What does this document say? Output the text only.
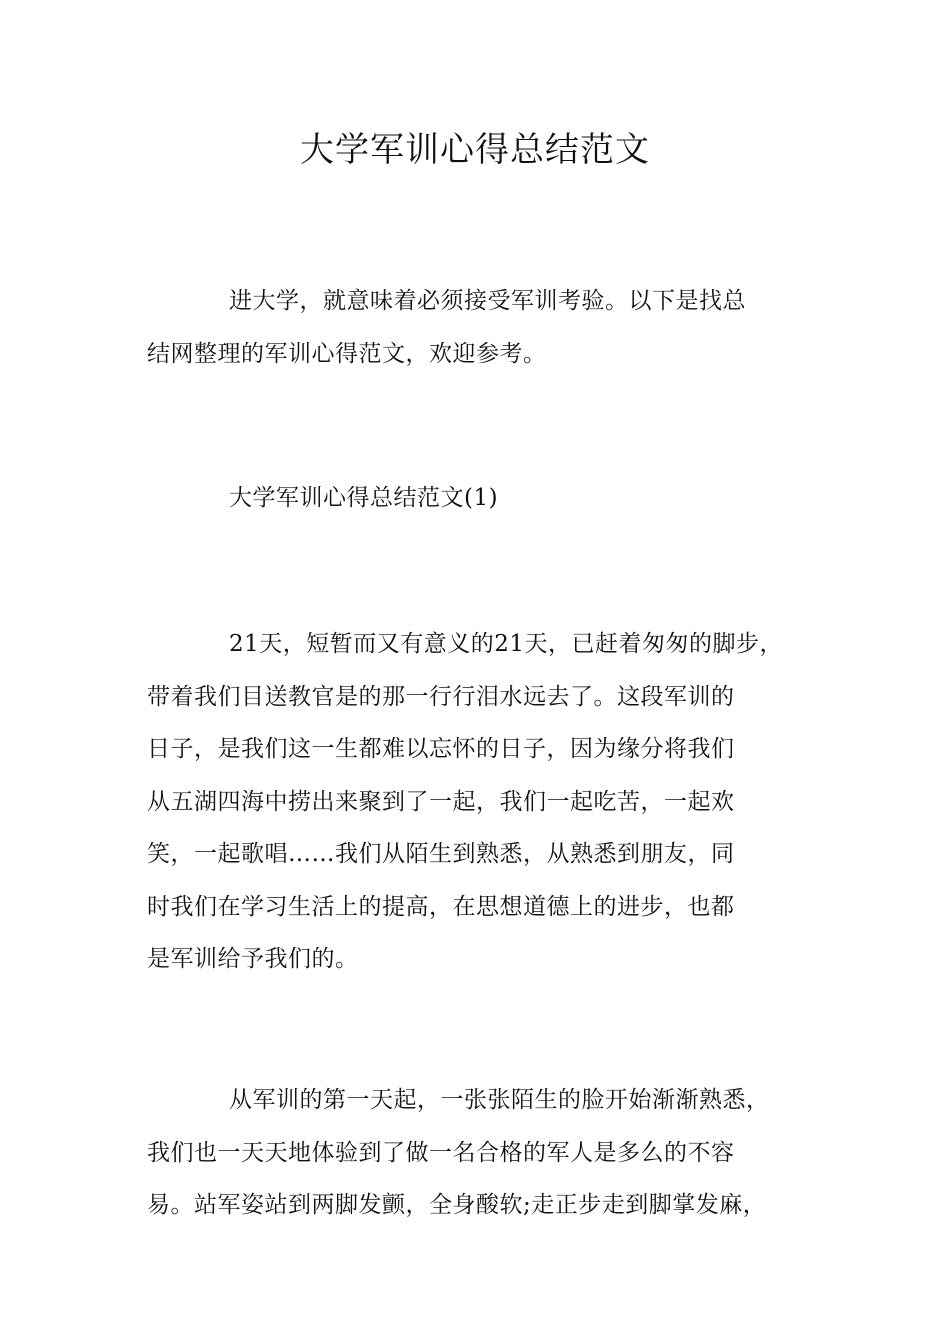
大学军训心得总结范文

进大学，就意味着必须接受军训考验。以下是找总
结网整理的军训心得范文，欢迎参考。

大学军训心得总结范文(1)

21天，短暂而又有意义的21天，已赶着匆匆的脚步，
带着我们目送教官是的那一行行泪水远去了。这段军训的
日子，是我们这一生都难以忘怀的日子，因为缘分将我们
从五湖四海中捞出来聚到了一起，我们一起吃苦，一起欢
笑，一起歌唱……我们从陌生到熟悉，从熟悉到朋友，同
时我们在学习生活上的提高，在思想道德上的进步，也都
是军训给予我们的。

从军训的第一天起，一张张陌生的脸开始渐渐熟悉，
我们也一天天地体验到了做一名合格的军人是多么的不容
易。站军姿站到两脚发颤，全身酸软;走正步走到脚掌发麻，
